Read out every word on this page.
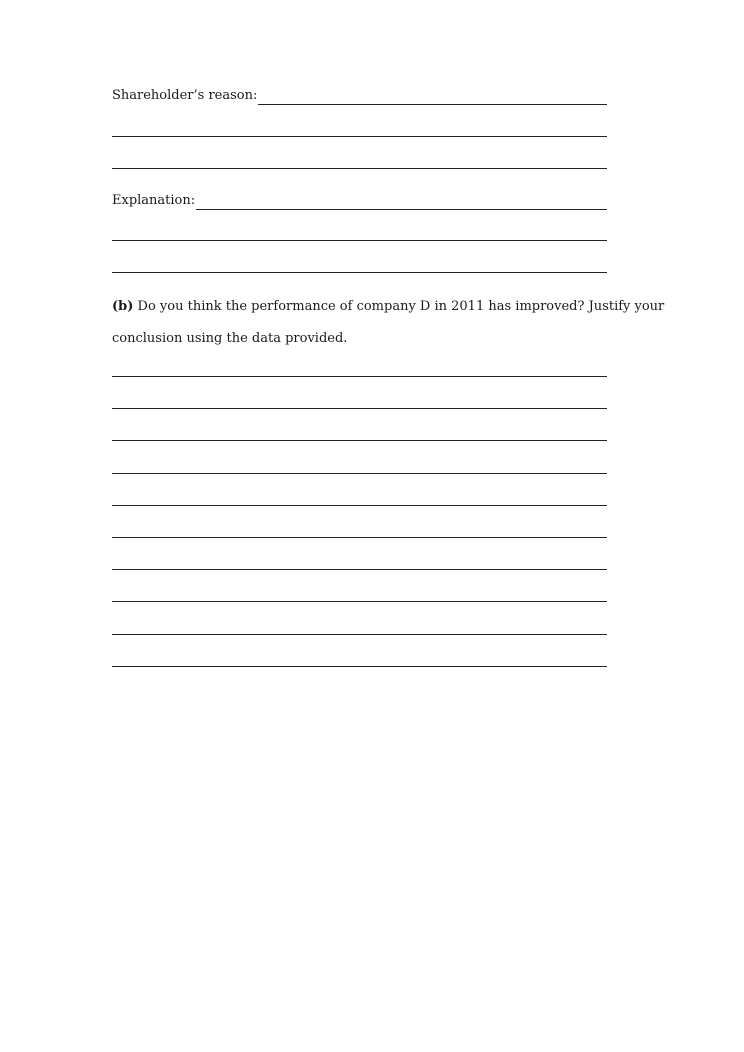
Shareholder’s reason:
Explanation:
(b) Do you think the performance of company D in 2011 has improved? Justify your
conclusion using the data provided.
